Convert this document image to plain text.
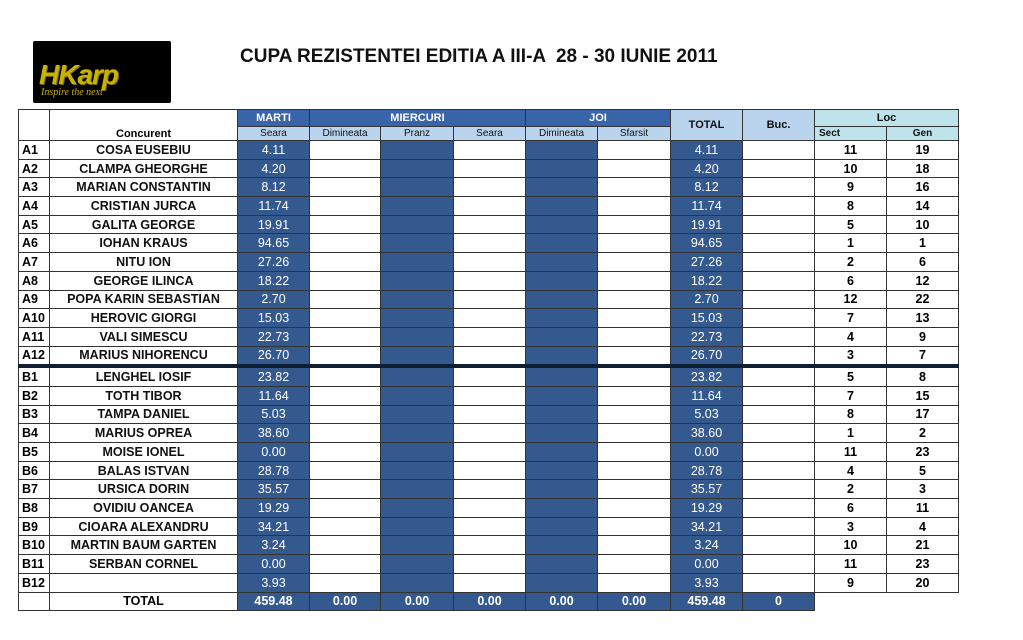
HKarp
Inspire the next
CUPA REZISTENTEI EDITIA A III-A  28 - 30 IUNIE 2011
	Concurent	MARTI	MIERCURI			JOI		TOTAL	Buc.	Loc	
		Seara	Dimineata	Pranz	Seara	Dimineata	Sfarsit			Sect	Gen
A1	COSA EUSEBIU	4.11						4.11		11	19
A2	CLAMPA GHEORGHE	4.20						4.20		10	18
A3	MARIAN CONSTANTIN	8.12						8.12		9	16
A4	CRISTIAN JURCA	11.74						11.74		8	14
A5	GALITA GEORGE	19.91						19.91		5	10
A6	IOHAN KRAUS	94.65						94.65		1	1
A7	NITU ION	27.26						27.26		2	6
A8	GEORGE ILINCA	18.22						18.22		6	12
A9	POPA KARIN SEBASTIAN	2.70						2.70		12	22
A10	HEROVIC GIORGI	15.03						15.03		7	13
A11	VALI SIMESCU	22.73						22.73		4	9
A12	MARIUS NIHORENCU	26.70						26.70		3	7
B1	LENGHEL IOSIF	23.82						23.82		5	8
B2	TOTH TIBOR	11.64						11.64		7	15
B3	TAMPA DANIEL	5.03						5.03		8	17
B4	MARIUS OPREA	38.60						38.60		1	2
B5	MOISE IONEL	0.00						0.00		11	23
B6	BALAS ISTVAN	28.78						28.78		4	5
B7	URSICA DORIN	35.57						35.57		2	3
B8	OVIDIU OANCEA	19.29						19.29		6	11
B9	CIOARA ALEXANDRU	34.21						34.21		3	4
B10	MARTIN BAUM GARTEN	3.24						3.24		10	21
B11	SERBAN CORNEL	0.00						0.00		11	23
B12		3.93						3.93		9	20
	TOTAL	459.48	0.00	0.00	0.00	0.00	0.00	459.48	0		
